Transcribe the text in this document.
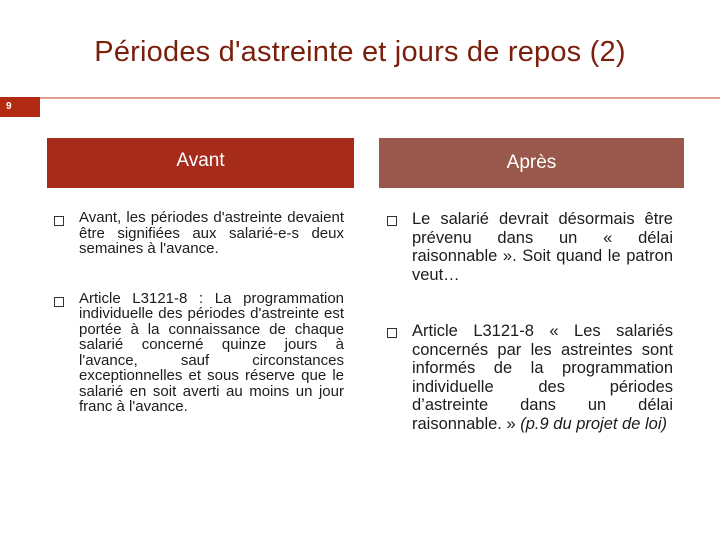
Périodes d'astreinte et jours de repos (2)
9
Avant	Après
Avant, les périodes d'astreinte devaient être signifiées aux salarié-e-s deux semaines à l'avance.
Article L3121-8 : La programmation individuelle des périodes d'astreinte est portée à la connaissance de chaque salarié concerné quinze jours à l'avance, sauf circonstances exceptionnelles et sous réserve que le salarié en soit averti au moins un jour franc à l'avance.
Le salarié devrait désormais être prévenu dans un « délai raisonnable ». Soit quand le patron veut…
Article L3121-8 « Les salariés concernés par les astreintes sont informés de la programmation individuelle des périodes d’astreinte dans un délai raisonnable. » (p.9 du projet de loi)
